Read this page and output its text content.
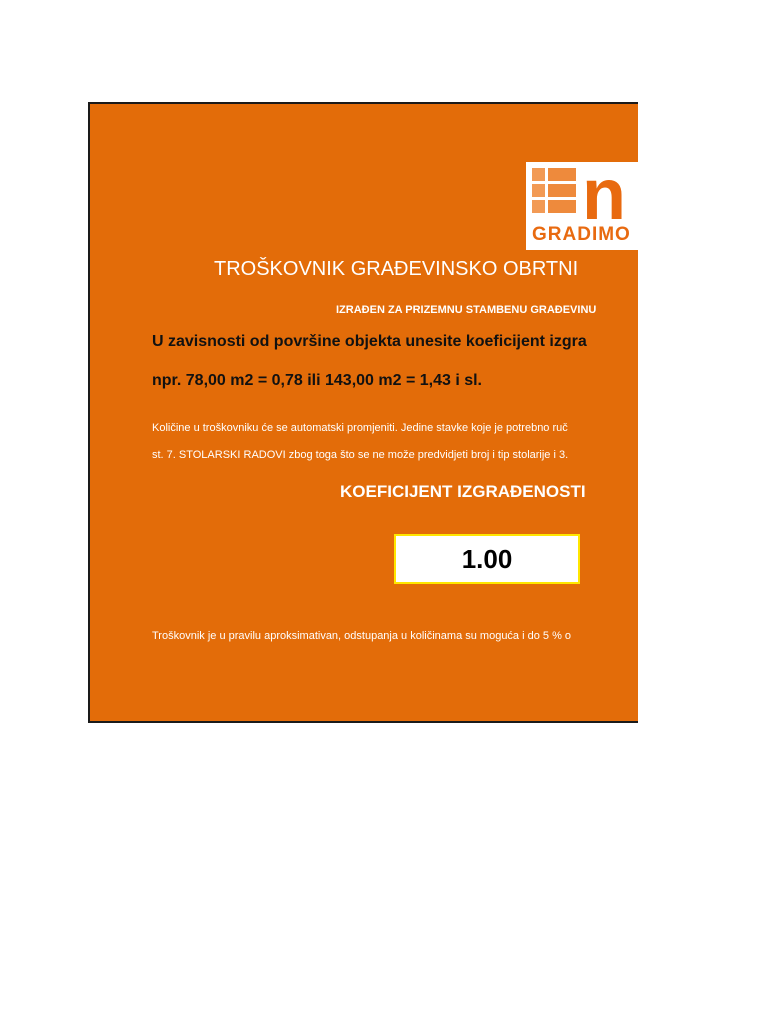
n
GRADIMO
TROŠKOVNIK GRAĐEVINSKO OBRTNI
IZRAĐEN ZA PRIZEMNU STAMBENU GRAĐEVINU
U zavisnosti od površine objekta unesite koeficijent izgra
npr. 78,00 m2 = 0,78 ili 143,00 m2 = 1,43 i sl.
Količine u troškovniku će se automatski promjeniti. Jedine stavke koje je potrebno ruč
st. 7. STOLARSKI RADOVI zbog toga što se ne može predvidjeti broj i tip stolarije i 3.
KOEFICIJENT IZGRAĐENOSTI
1.00
Troškovnik je u pravilu aproksimativan, odstupanja u količinama su moguća i do 5 % o
